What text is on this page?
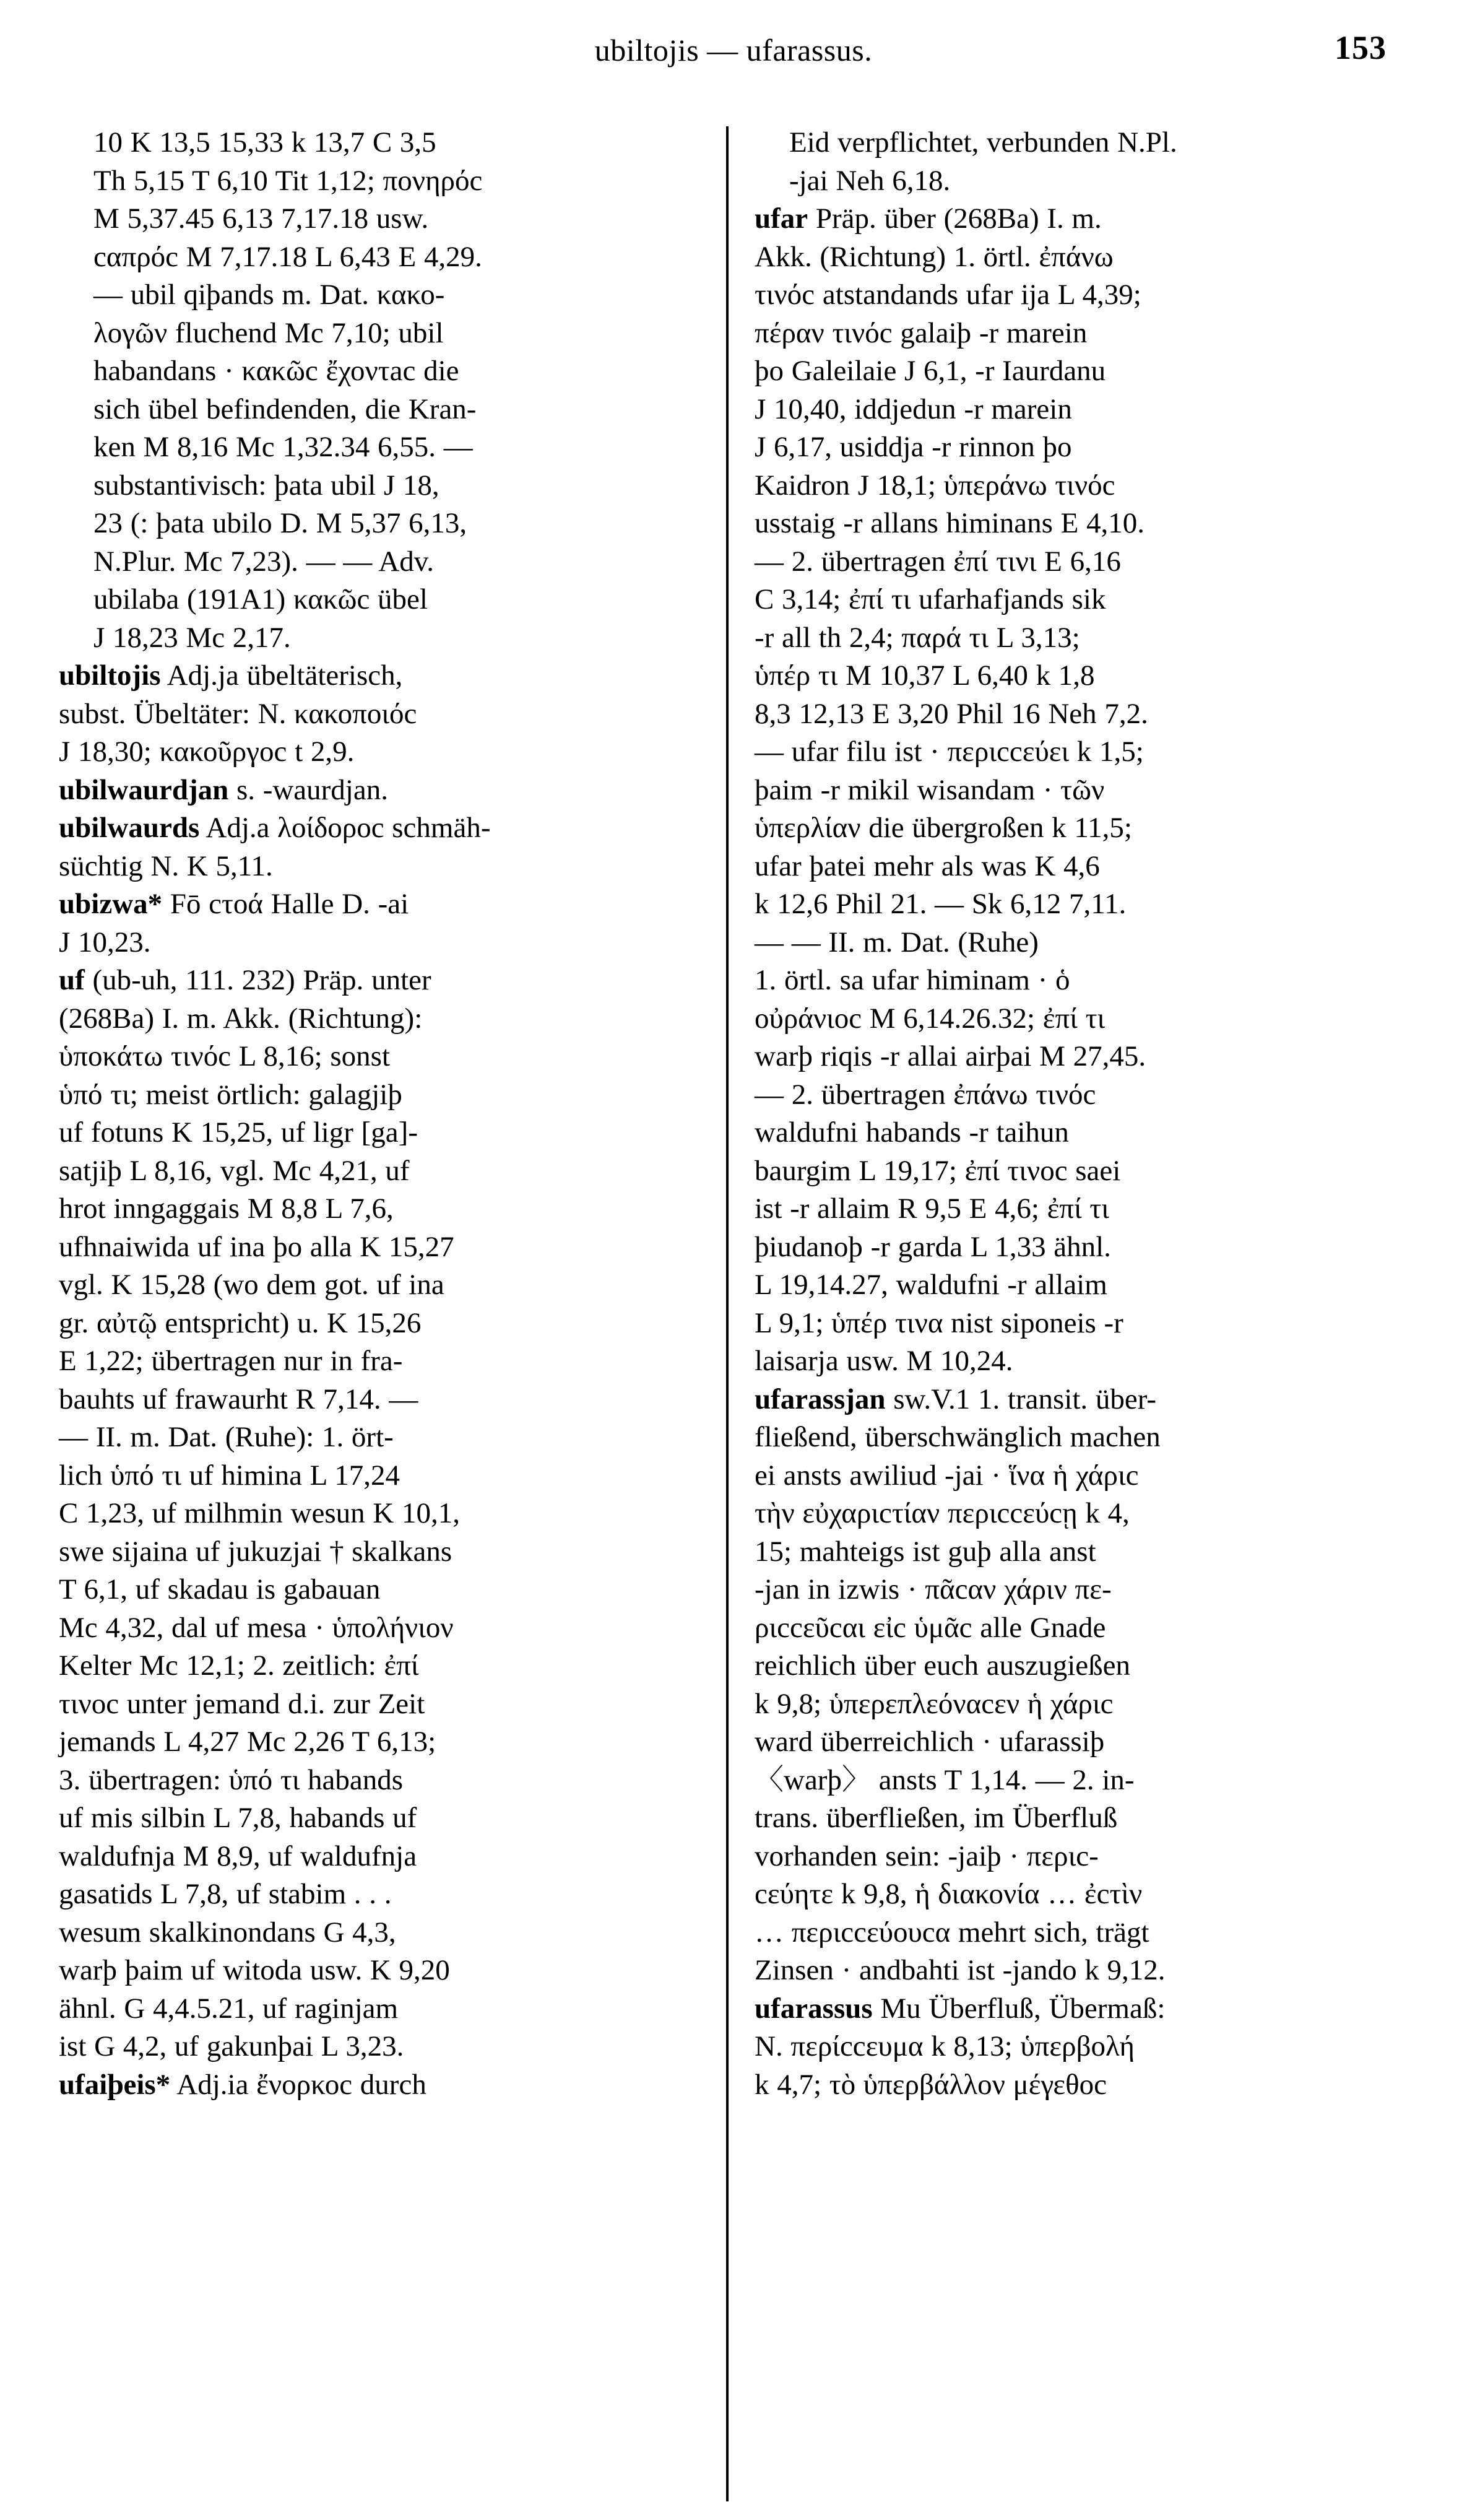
ubiltojis — ufarassus.	153
10 K 13,5 15,33 k 13,7 C 3,5
Th 5,15 T 6,10 Tit 1,12; πονηρόc
M 5,37.45 6,13 7,17.18 usw.
cαπρόc M 7,17.18 L 6,43 E 4,29.
— ubil qiþands m. Dat. κακο-
λογῶν fluchend Mc 7,10; ubil
habandans · κακῶc ἔχοντac die
sich übel befindenden, die Kran-
ken M 8,16 Mc 1,32.34 6,55. —
substantivisch: þata ubil J 18,
23 (: þata ubilo D. M 5,37 6,13,
N.Plur. Mc 7,23). — — Adv.
ubilaba (191A1) κακῶc übel
J 18,23 Mc 2,17.
ubiltojis Adj.ja übeltäterisch,
subst. Übeltäter: N. κακοποιόc
J 18,30; κακοῦργοc t 2,9.
ubilwaurdjan s. -waurdjan.
ubilwaurds Adj.a λοίδοροc schmäh-
süchtig N. K 5,11.
ubizwa* Fō cτοά Halle D. -ai
J 10,23.
uf (ub-uh, 111. 232) Präp. unter
(268Ba) I. m. Akk. (Richtung):
ὑποκάτω τινόc L 8,16; sonst
ὑπό τι; meist örtlich: galagjiþ
uf fotuns K 15,25, uf ligr [ga]-
satjiþ L 8,16, vgl. Mc 4,21, uf
hrot inngaggais M 8,8 L 7,6,
ufhnaiwida uf ina þo alla K 15,27
vgl. K 15,28 (wo dem got. uf ina
gr. αὐτῷ entspricht) u. K 15,26
E 1,22; übertragen nur in fra-
bauhts uf frawaurht R 7,14. —
— II. m. Dat. (Ruhe): 1. ört-
lich ὑπό τι uf himina L 17,24
C 1,23, uf milhmin wesun K 10,1,
swe sijaina uf jukuzjai † skalkans
T 6,1, uf skadau is gabauan
Mc 4,32, dal uf mesa · ὑπολήνιον
Kelter Mc 12,1; 2. zeitlich: ἐπί
τινοc unter jemand d.i. zur Zeit
jemands L 4,27 Mc 2,26 T 6,13;
3. übertragen: ὑπό τι habands
uf mis silbin L 7,8, habands uf
waldufnja M 8,9, uf waldufnja
gasatids L 7,8, uf stabim . . .
wesum skalkinondans G 4,3,
warþ þaim uf witoda usw. K 9,20
ähnl. G 4,4.5.21, uf raginjam
ist G 4,2, uf gakunþai L 3,23.
ufaiþeis* Adj.ia ἔνορκοc durch
Eid verpflichtet, verbunden N.Pl.
-jai Neh 6,18.
ufar Präp. über (268Ba) I. m.
Akk. (Richtung) 1. örtl. ἐπάνω
τινόc atstandands ufar ija L 4,39;
πέραν τινόc galaiþ -r marein
þo Galeilaie J 6,1, -r Iaurdanu
J 10,40, iddjedun -r marein
J 6,17, usiddja -r rinnon þo
Kaidron J 18,1; ὑπεράνω τινόc
usstaig -r allans himinans E 4,10.
— 2. übertragen ἐπί τινι E 6,16
C 3,14; ἐπί τι ufarhafjands sik
-r all th 2,4; παρά τι L 3,13;
ὑπέρ τι M 10,37 L 6,40 k 1,8
8,3 12,13 E 3,20 Phil 16 Neh 7,2.
— ufar filu ist · περιccεύει k 1,5;
þaim -r mikil wisandam · τῶν
ὑπερλίαν die übergroßen k 11,5;
ufar þatei mehr als was K 4,6
k 12,6 Phil 21. — Sk 6,12 7,11.
— — II. m. Dat. (Ruhe)
1. örtl. sa ufar himinam · ὁ
οὐράνιοc M 6,14.26.32; ἐπί τι
warþ riqis -r allai airþai M 27,45.
— 2. übertragen ἐπάνω τινόc
waldufni habands -r taihun
baurgim L 19,17; ἐπί τινοc saei
ist -r allaim R 9,5 E 4,6; ἐπί τι
þiudanoþ -r garda L 1,33 ähnl.
L 19,14.27, waldufni -r allaim
L 9,1; ὑπέρ τινα nist siponeis -r
laisarja usw. M 10,24.
ufarassjan sw.V.1 1. transit. über-
fließend, überschwänglich machen
ei ansts awiliud -jai · ἵνα ἡ χάριc
τὴν εὐχαριcτίαν περιccεύcῃ k 4,
15; mahteigs ist guþ alla anst
-jan in izwis · πᾶcαν χάριν πε-
ριccεῦcαι εἰc ὑμᾶc alle Gnade
reichlich über euch auszugießen
k 9,8; ὑπερεπλεόναcεν ἡ χάριc
ward überreichlich · ufarassiþ
〈warþ〉 ansts T 1,14. — 2. in-
trans. überfließen, im Überfluß
vorhanden sein: -jaiþ · περιc-
cεύητε k 9,8, ἡ διακονία … ἐcτὶν
… περιccεύουcα mehrt sich, trägt
Zinsen · andbahti ist -jando k 9,12.
ufarassus Mu Überfluß, Übermaß:
N. περίccευμα k 8,13; ὑπερβολή
k 4,7; τὸ ὑπερβάλλον μέγεθοc
